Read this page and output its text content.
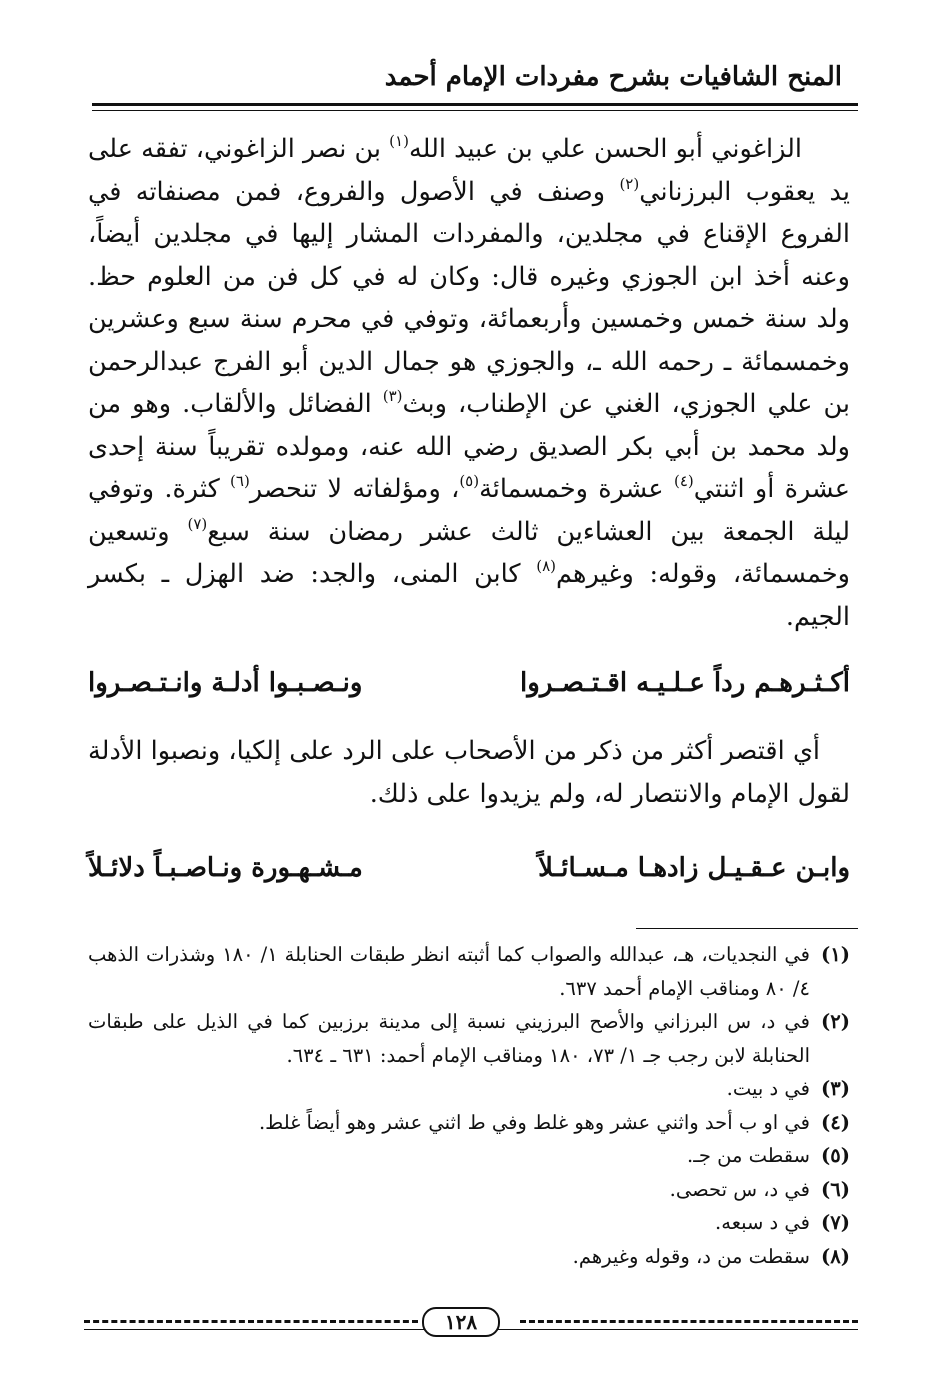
المنح الشافيات بشرح مفردات الإمام أحمد

الزاغوني أبو الحسن علي بن عبيد الله$^{(١)}$ بن نصر الزاغوني، تفقه على يد يعقوب البرزناني$^{(٢)}$ وصنف في الأصول والفروع، فمن مصنفاته في الفروع الإقناع في مجلدين، والمفردات المشار إليها في مجلدين أيضاً، وعنه أخذ ابن الجوزي وغيره قال: وكان له في كل فن من العلوم حظ. ولد سنة خمس وخمسين وأربعمائة، وتوفي في محرم سنة سبع وعشرين وخمسمائة ـ رحمه الله ـ، والجوزي هو جمال الدين أبو الفرج عبدالرحمن بن علي الجوزي، الغني عن الإطناب، وبث$^{(٣)}$ الفضائل والألقاب. وهو من ولد محمد بن أبي بكر الصديق رضي الله عنه، ومولده تقريباً سنة إحدى عشرة أو اثنتي$^{(٤)}$ عشرة وخمسمائة$^{(٥)}$، ومؤلفاته لا تنحصر$^{(٦)}$ كثرة. وتوفي ليلة الجمعة بين العشاءين ثالث عشر رمضان سنة سبع$^{(٧)}$ وتسعين وخمسمائة، وقوله: وغيرهم$^{(٨)}$ كابن المنى، والجد: ضد الهزل ـ بكسر الجيم.

أكـثـرهـم رداً عـلـيـه اقـتـصـروا
ونـصـبـوا أدلـة وانـتـصـروا

أي اقتصر أكثر من ذكر من الأصحاب على الرد على إلكيا، ونصبوا الأدلة لقول الإمام والانتصار له، ولم يزيدوا على ذلك.

وابـن عـقـيـل زادهـا مـسـائـلاً
مـشـهـورة ونـاصـبـاً دلائـلاً
(١)
في النجديات، هـ، عبدالله والصواب كما أثبته انظر طبقات الحنابلة ١/ ١٨٠ وشذرات الذهب ٤/ ٨٠ ومناقب الإمام أحمد ٦٣٧.
(٢)
في د، س البرزاني والأصح البرزيني نسبة إلى مدينة برزبين كما في الذيل على طبقات الحنابلة لابن رجب جـ ١/ ٧٣، ١٨٠ ومناقب الإمام أحمد: ٦٣١ ـ ٦٣٤.
(٣)
في د بيت.
(٤)
في او ب أحد واثني عشر وهو غلط وفي ط اثني عشر وهو أيضاً غلط.
(٥)
سقطت من جـ.
(٦)
في د، س تحصى.
(٧)
في د سبعه.
(٨)
سقطت من د، وقوله وغيرهم.
١٢٨
